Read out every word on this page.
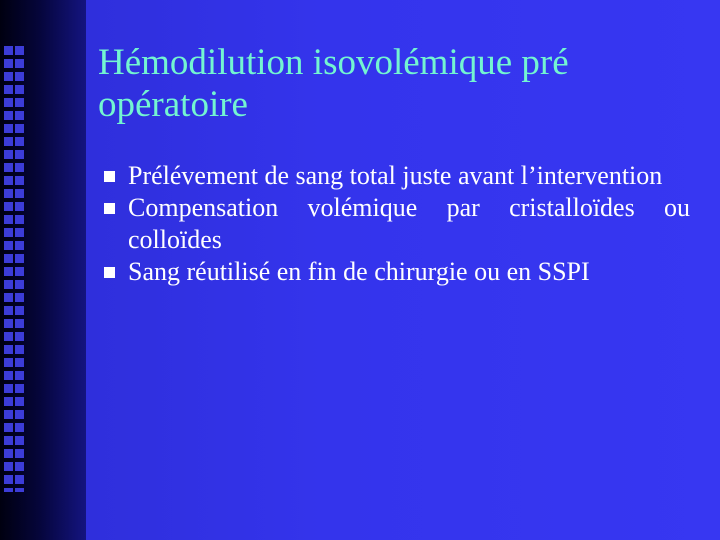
Hémodilution isovolémique pré opératoire
Prélévement de sang total juste avant l’intervention
Compensation volémique par cristalloïdes ou colloïdes
Sang réutilisé en fin de chirurgie ou en SSPI
